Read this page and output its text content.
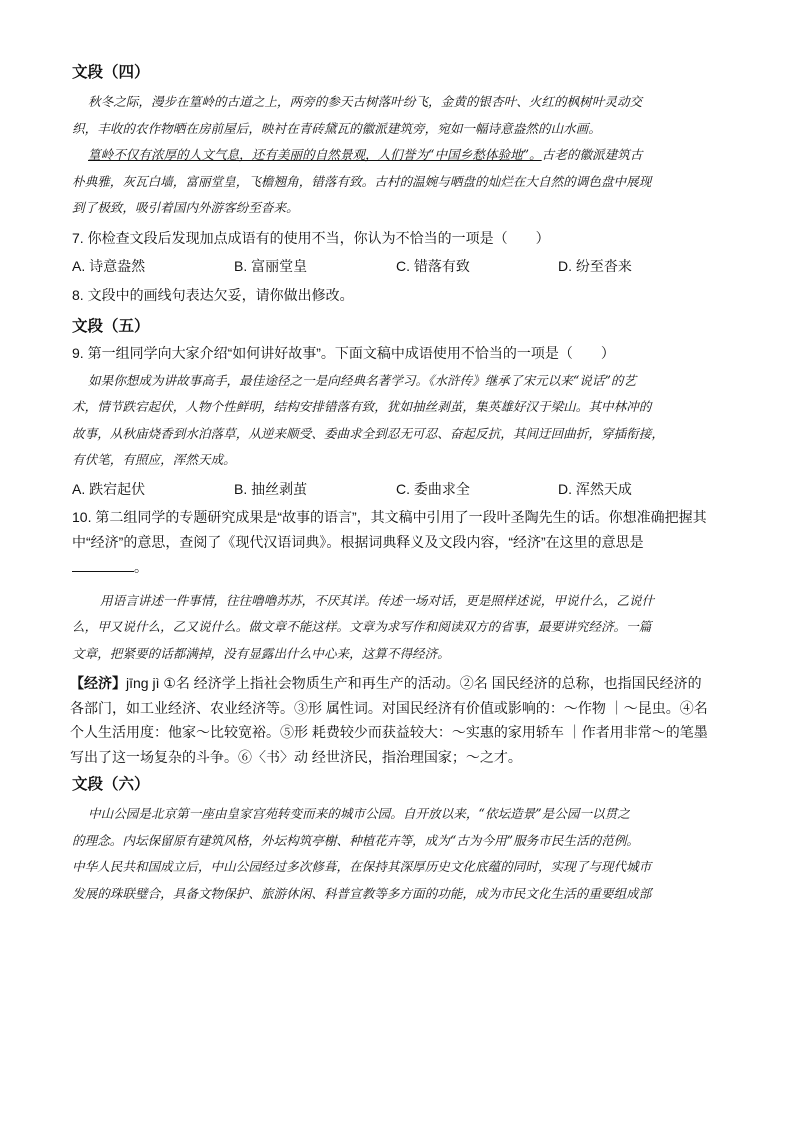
文段（四）

秋冬之际，漫步在篁岭的古道之上，两旁的参天古树落叶纷飞，金黄的银杏叶、火红的枫树叶灵动交

织，丰收的农作物晒在房前屋后，映衬在青砖黛瓦的徽派建筑旁，宛如一幅诗意盎然的山水画。

篁岭不仅有浓厚的人文气息，还有美丽的自然景观，人们誉为“中国乡愁体验地”。古老的徽派建筑古

朴典雅，灰瓦白墙，富丽堂皇，飞檐翘角，错落有致。古村的温婉与晒盘的灿烂在大自然的调色盘中展现

到了极致，吸引着国内外游客纷至沓来。

7. 你检查文段后发现加点成语有的使用不当，你认为不恰当的一项是（　　）

A. 诗意盎然	B. 富丽堂皇	C. 错落有致	D. 纷至沓来

8. 文段中的画线句表达欠妥，请你做出修改。

文段（五）

9. 第一组同学向大家介绍“如何讲好故事”。下面文稿中成语使用不恰当的一项是（　　）

如果你想成为讲故事高手，最佳途径之一是向经典名著学习。《水浒传》继承了宋元以来“说话”的艺

术，情节跌宕起伏，人物个性鲜明，结构安排错落有致，犹如抽丝剥茧，集英雄好汉于梁山。其中林冲的

故事，从秋庙烧香到水泊落草，从逆来顺受、委曲求全到忍无可忍、奋起反抗，其间迂回曲折，穿插衔接，

有伏笔，有照应，浑然天成。

A. 跌宕起伏	B. 抽丝剥茧	C. 委曲求全	D. 浑然天成

10. 第二组同学的专题研究成果是“故事的语言”，其文稿中引用了一段叶圣陶先生的话。你想准确把握其

中“经济”的意思，查阅了《现代汉语词典》。根据词典释义及文段内容，“经济”在这里的意思是

。

用语言讲述一件事情，往往噜噜苏苏，不厌其详。传述一场对话，更是照样述说，甲说什么，乙说什

么，甲又说什么，乙又说什么。做文章不能这样。文章为求写作和阅读双方的省事，最要讲究经济。一篇

文章，把紧要的话都满掉，没有显露出什么中心来，这算不得经济。

【经济】jīng jì ①名 经济学上指社会物质生产和再生产的活动。②名 国民经济的总称，也指国民经济的

各部门，如工业经济、农业经济等。③形 属性词。对国民经济有价值或影响的：～作物 ｜～昆虫。④名

个人生活用度：他家～比较宽裕。⑤形 耗费较少而获益较大：～实惠的家用轿车 ｜作者用非常～的笔墨

写出了这一场复杂的斗争。⑥〈书〉动 经世济民，指治理国家；～之才。

文段（六）

中山公园是北京第一座由皇家宫苑转变而来的城市公园。自开放以来，“依坛造景”是公园一以贯之

的理念。内坛保留原有建筑风格，外坛构筑亭榭、种植花卉等，成为“古为今用”服务市民生活的范例。

中华人民共和国成立后，中山公园经过多次修葺，在保持其深厚历史文化底蕴的同时，实现了与现代城市

发展的珠联璧合，具备文物保护、旅游休闲、科普宣教等多方面的功能，成为市民文化生活的重要组成部
